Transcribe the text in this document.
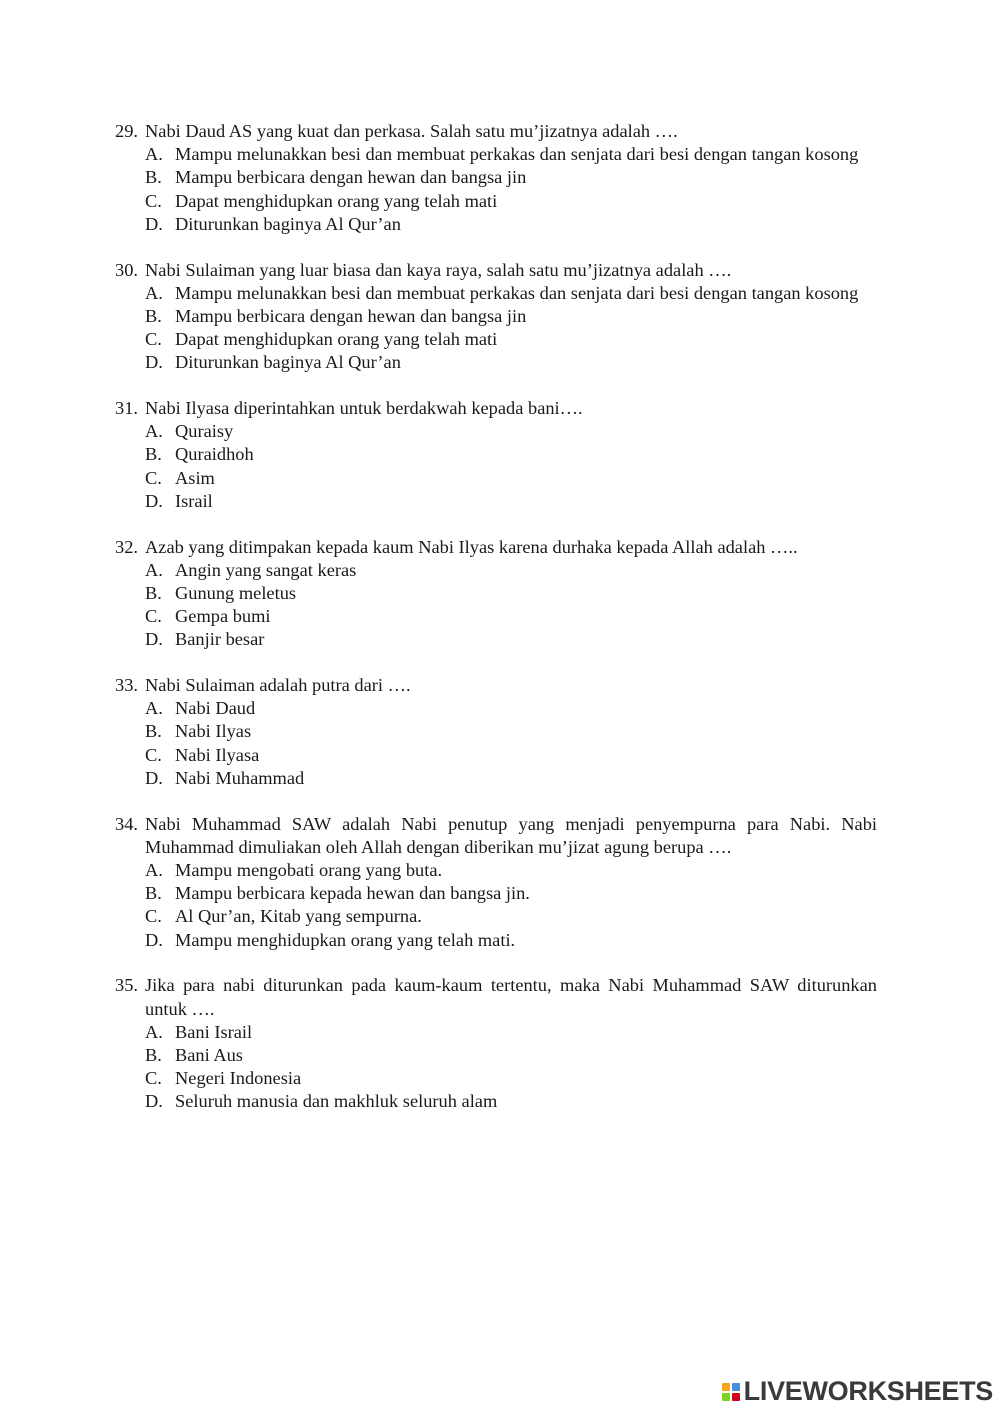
29. Nabi Daud AS yang kuat dan perkasa. Salah satu mu’jizatnya adalah ….
A. Mampu melunakkan besi dan membuat perkakas dan senjata dari besi dengan tangan kosong
B. Mampu berbicara dengan hewan dan bangsa jin
C. Dapat menghidupkan orang yang telah mati
D. Diturunkan baginya Al Qur’an
30. Nabi Sulaiman yang luar biasa dan kaya raya, salah satu mu’jizatnya adalah ….
A. Mampu melunakkan besi dan membuat perkakas dan senjata dari besi dengan tangan kosong
B. Mampu berbicara dengan hewan dan bangsa jin
C. Dapat menghidupkan orang yang telah mati
D. Diturunkan baginya Al Qur’an
31. Nabi Ilyasa diperintahkan untuk berdakwah kepada bani….
A. Quraisy
B. Quraidhoh
C. Asim
D. Israil
32. Azab yang ditimpakan kepada kaum Nabi Ilyas karena durhaka kepada Allah adalah …..
A. Angin yang sangat keras
B. Gunung meletus
C. Gempa bumi
D. Banjir besar
33. Nabi Sulaiman adalah putra dari ….
A. Nabi Daud
B. Nabi Ilyas
C. Nabi Ilyasa
D. Nabi Muhammad
34. Nabi Muhammad SAW adalah Nabi penutup yang menjadi penyempurna para Nabi. Nabi Muhammad dimuliakan oleh Allah dengan diberikan mu’jizat agung berupa ….
A. Mampu mengobati orang yang buta.
B. Mampu berbicara kepada hewan dan bangsa jin.
C. Al Qur’an, Kitab yang sempurna.
D. Mampu menghidupkan orang yang telah mati.
35. Jika para nabi diturunkan pada kaum-kaum tertentu, maka Nabi Muhammad SAW diturunkan untuk ….
A. Bani Israil
B. Bani Aus
C. Negeri Indonesia
D. Seluruh manusia dan makhluk seluruh alam
LIVEWORKSHEETS
